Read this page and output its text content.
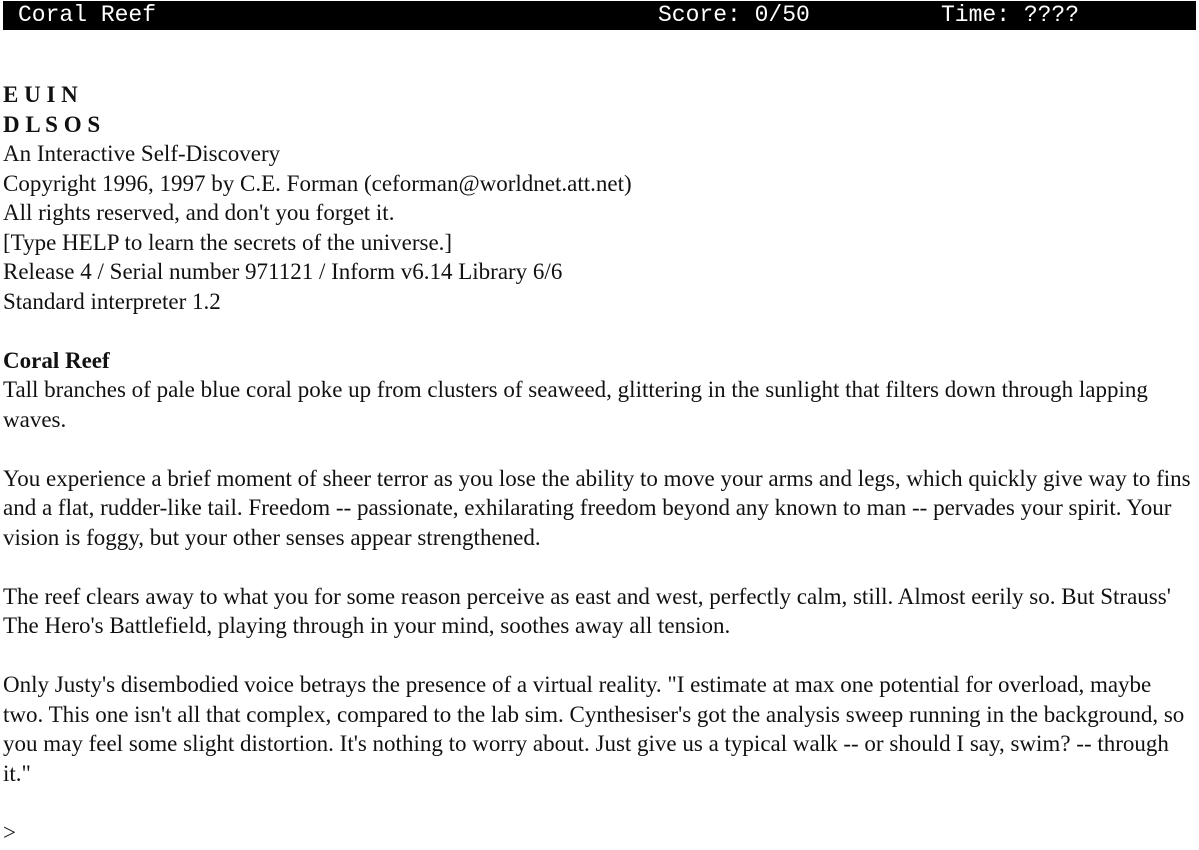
Coral Reef	Score: 0/50	Time: ????

E U I N

D L S O S

An Interactive Self-Discovery

Copyright 1996, 1997 by C.E. Forman (ceforman@worldnet.att.net)

All rights reserved, and don't you forget it.

[Type HELP to learn the secrets of the universe.]

Release 4 / Serial number 971121 / Inform v6.14 Library 6/6

Standard interpreter 1.2

Coral Reef

Tall branches of pale blue coral poke up from clusters of seaweed, glittering in the sunlight that filters down through lapping waves.

You experience a brief moment of sheer terror as you lose the ability to move your arms and legs, which quickly give way to fins and a flat, rudder-like tail. Freedom -- passionate, exhilarating freedom beyond any known to man -- pervades your spirit. Your vision is foggy, but your other senses appear strengthened.

The reef clears away to what you for some reason perceive as east and west, perfectly calm, still. Almost eerily so. But Strauss' The Hero's Battlefield, playing through in your mind, soothes away all tension.

Only Justy's disembodied voice betrays the presence of a virtual reality. "I estimate at max one potential for overload, maybe two. This one isn't all that complex, compared to the lab sim. Cynthesiser's got the analysis sweep running in the background, so you may feel some slight distortion. It's nothing to worry about. Just give us a typical walk -- or should I say, swim? -- through it."

>
